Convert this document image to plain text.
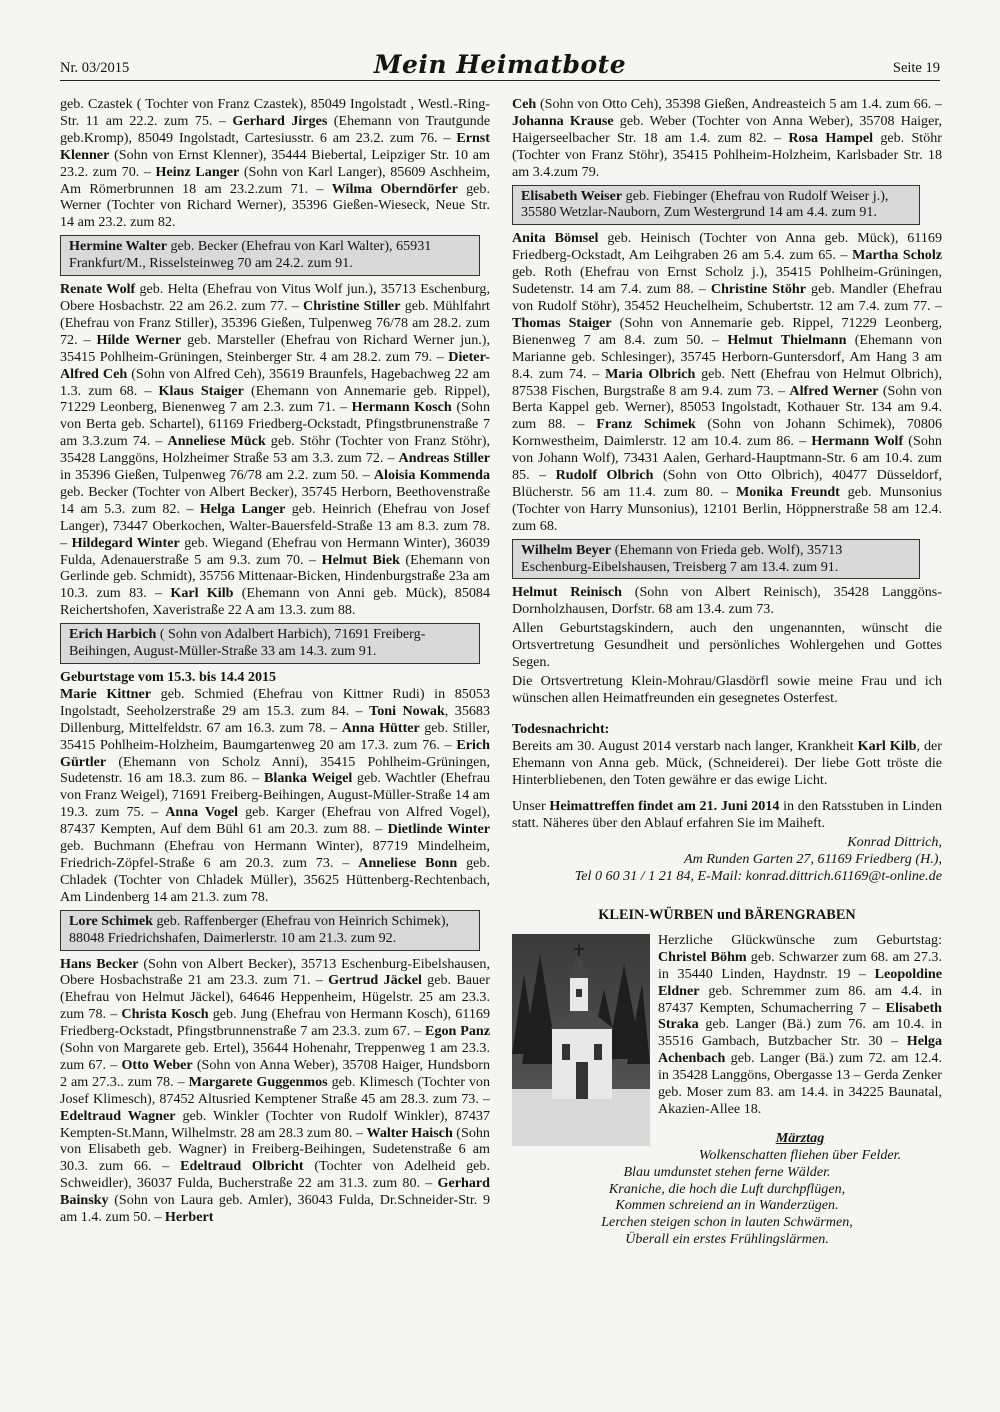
Nr. 03/2015	Mein Heimatbote	Seite 19

geb. Czastek ( Tochter von Franz Czastek), 85049 Ingolstadt , Westl.-Ring-Str. 11 am 22.2. zum 75. – Gerhard Jirges (Ehemann von Trautgunde geb.Kromp), 85049 Ingolstadt, Cartesiusstr. 6 am 23.2. zum 76. – Ernst Klenner (Sohn von Ernst Klenner), 35444 Biebertal, Leipziger Str. 10 am 23.2. zum 70. – Heinz Langer (Sohn von Karl Langer), 85609 Aschheim, Am Römerbrunnen 18 am 23.2.zum 71. – Wilma Oberndörfer geb. Werner (Tochter von Richard Werner), 35396 Gießen-Wieseck, Neue Str. 14 am 23.2. zum 82.

Hermine Walter geb. Becker (Ehefrau von Karl Walter), 65931 Frankfurt/M., Risselsteinweg 70 am 24.2. zum 91.

Renate Wolf geb. Helta (Ehefrau von Vitus Wolf jun.), 35713 Eschenburg, Obere Hosbachstr. 22 am 26.2. zum 77. – Christine Stiller geb. Mühlfahrt (Ehefrau von Franz Stiller), 35396 Gießen, Tulpenweg 76/78 am 28.2. zum 72. – Hilde Werner geb. Marsteller (Ehefrau von Richard Werner jun.), 35415 Pohlheim-Grüningen, Steinberger Str. 4 am 28.2. zum 79. – Dieter-Alfred Ceh (Sohn von Alfred Ceh), 35619 Braunfels, Hagebachweg 22 am 1.3. zum 68. – Klaus Staiger (Ehemann von Annemarie geb. Rippel), 71229 Leonberg, Bienenweg 7 am 2.3. zum 71. – Hermann Kosch (Sohn von Berta geb. Schartel), 61169 Friedberg-Ockstadt, Pfingstbrunenstraße 7 am 3.3.zum 74. – Anneliese Mück geb. Stöhr (Tochter von Franz Stöhr), 35428 Langgöns, Holzheimer Straße 53 am 3.3. zum 72. – Andreas Stiller in 35396 Gießen, Tulpenweg 76/78 am 2.2. zum 50. – Aloisia Kommenda geb. Becker (Tochter von Albert Becker), 35745 Herborn, Beethovenstraße 14 am 5.3. zum 82. – Helga Langer geb. Heinrich (Ehefrau von Josef Langer), 73447 Oberkochen, Walter-Bauersfeld-Straße 13 am 8.3. zum 78. – Hildegard Winter geb. Wiegand (Ehefrau von Hermann Winter), 36039 Fulda, Adenauerstraße 5 am 9.3. zum 70. – Helmut Biek (Ehemann von Gerlinde geb. Schmidt), 35756 Mittenaar-Bicken, Hindenburgstraße 23a am 10.3. zum 83. – Karl Kilb (Ehemann von Anni geb. Mück), 85084 Reichertshofen, Xaveristraße 22 A am 13.3. zum 88.

Erich Harbich ( Sohn von Adalbert Harbich), 71691 Freiberg-Beihingen, August-Müller-Straße 33 am 14.3. zum 91.
Geburtstage vom 15.3. bis 14.4 2015

Marie Kittner geb. Schmied (Ehefrau von Kittner Rudi) in 85053 Ingolstadt, Seeholzerstraße 29 am 15.3. zum 84. – Toni Nowak, 35683 Dillenburg, Mittelfeldstr. 67 am 16.3. zum 78. – Anna Hütter geb. Stiller, 35415 Pohlheim-Holzheim, Baumgartenweg 20 am 17.3. zum 76. – Erich Gürtler (Ehemann von Scholz Anni), 35415 Pohlheim-Grüningen, Sudetenstr. 16 am 18.3. zum 86. – Blanka Weigel geb. Wachtler (Ehefrau von Franz Weigel), 71691 Freiberg-Beihingen, August-Müller-Straße 14 am 19.3. zum 75. – Anna Vogel geb. Karger (Ehefrau von Alfred Vogel), 87437 Kempten, Auf dem Bühl 61 am 20.3. zum 88. – Dietlinde Winter geb. Buchmann (Ehefrau von Hermann Winter), 87719 Mindelheim, Friedrich-Zöpfel-Straße 6 am 20.3. zum 73. – Anneliese Bonn geb. Chladek (Tochter von Chladek Müller), 35625 Hüttenberg-Rechtenbach, Am Lindenberg 14 am 21.3. zum 78.

Lore Schimek geb. Raffenberger (Ehefrau von Heinrich Schimek), 88048 Friedrichshafen, Daimerlerstr. 10 am 21.3. zum 92.

Hans Becker (Sohn von Albert Becker), 35713 Eschenburg-Eibelshausen, Obere Hosbachstraße 21 am 23.3. zum 71. – Gertrud Jäckel geb. Bauer (Ehefrau von Helmut Jäckel), 64646 Heppenheim, Hügelstr. 25 am 23.3. zum 78. – Christa Kosch geb. Jung (Ehefrau von Hermann Kosch), 61169 Friedberg-Ockstadt, Pfingstbrunnenstraße 7 am 23.3. zum 67. – Egon Panz (Sohn von Margarete geb. Ertel), 35644 Hohenahr, Treppenweg 1 am 23.3. zum 67. – Otto Weber (Sohn von Anna Weber), 35708 Haiger, Hundsborn 2 am 27.3.. zum 78. – Margarete Guggenmos geb. Klimesch (Tochter von Josef Klimesch), 87452 Altusried Kemptener Straße 45 am 28.3. zum 73. – Edeltraud Wagner geb. Winkler (Tochter von Rudolf Winkler), 87437 Kempten-St.Mann, Wilhelmstr. 28 am 28.3 zum 80. – Walter Haisch (Sohn von Elisabeth geb. Wagner) in Freiberg-Beihingen, Sudetenstraße 6 am 30.3. zum 66. – Edeltraud Olbricht (Tochter von Adelheid geb. Schweidler), 36037 Fulda, Bucherstraße 22 am 31.3. zum 80. – Gerhard Bainsky (Sohn von Laura geb. Amler), 36043 Fulda, Dr.Schneider-Str. 9 am 1.4. zum 50. – Herbert

Ceh (Sohn von Otto Ceh), 35398 Gießen, Andreasteich 5 am 1.4. zum 66. – Johanna Krause geb. Weber (Tochter von Anna Weber), 35708 Haiger, Haigerseelbacher Str. 18 am 1.4. zum 82. – Rosa Hampel geb. Stöhr (Tochter von Franz Stöhr), 35415 Pohlheim-Holzheim, Karlsbader Str. 18 am 3.4.zum 79.

Elisabeth Weiser geb. Fiebinger (Ehefrau von Rudolf Weiser j.), 35580 Wetzlar-Nauborn, Zum Westergrund 14 am 4.4. zum 91.

Anita Bömsel geb. Heinisch (Tochter von Anna geb. Mück), 61169 Friedberg-Ockstadt, Am Leihgraben 26 am 5.4. zum 65. – Martha Scholz geb. Roth (Ehefrau von Ernst Scholz j.), 35415 Pohlheim-Grüningen, Sudetenstr. 14 am 7.4. zum 88. – Christine Stöhr geb. Mandler (Ehefrau von Rudolf Stöhr), 35452 Heuchelheim, Schubertstr. 12 am 7.4. zum 77. – Thomas Staiger (Sohn von Annemarie geb. Rippel, 71229 Leonberg, Bienenweg 7 am 8.4. zum 50. – Helmut Thielmann (Ehemann von Marianne geb. Schlesinger), 35745 Herborn-Guntersdorf, Am Hang 3 am 8.4. zum 74. – Maria Olbrich geb. Nett (Ehefrau von Helmut Olbrich), 87538 Fischen, Burgstraße 8 am 9.4. zum 73. – Alfred Werner (Sohn von Berta Kappel geb. Werner), 85053 Ingolstadt, Kothauer Str. 134 am 9.4. zum 88. – Franz Schimek (Sohn von Johann Schimek), 70806 Kornwestheim, Daimlerstr. 12 am 10.4. zum 86. – Hermann Wolf (Sohn von Johann Wolf), 73431 Aalen, Gerhard-Hauptmann-Str. 6 am 10.4. zum 85. – Rudolf Olbrich (Sohn von Otto Olbrich), 40477 Düsseldorf, Blücherstr. 56 am 11.4. zum 80. – Monika Freundt geb. Munsonius (Tochter von Harry Munsonius), 12101 Berlin, Höppnerstraße 58 am 12.4. zum 68.

Wilhelm Beyer (Ehemann von Frieda geb. Wolf), 35713 Eschenburg-Eibelshausen, Treisberg 7 am 13.4. zum 91.

Helmut Reinisch (Sohn von Albert Reinisch), 35428 Langgöns-Dornholzhausen, Dorfstr. 68 am 13.4. zum 73.

Allen Geburtstagskindern, auch den ungenannten, wünscht die Ortsvertretung Gesundheit und persönliches Wohlergehen und Gottes Segen.

Die Ortsvertretung Klein-Mohrau/Glasdörfl sowie meine Frau und ich wünschen allen Heimatfreunden ein gesegnetes Osterfest.

Todesnachricht:

Bereits am 30. August 2014 verstarb nach langer, Krankheit Karl Kilb, der Ehemann von Anna geb. Mück, (Schneiderei). Der liebe Gott tröste die Hinterbliebenen, den Toten gewähre er das ewige Licht.

Unser Heimattreffen findet am 21. Juni 2014 in den Ratsstuben in Linden statt. Näheres über den Ablauf erfahren Sie im Maiheft.

Konrad Dittrich,
Am Runden Garten 27, 61169 Friedberg (H.),
Tel 0 60 31 / 1 21 84, E-Mail: konrad.dittrich.61169@t-online.de
KLEIN-WÜRBEN und BÄRENGRABEN

Herzliche Glückwünsche zum Geburtstag: Christel Böhm geb. Schwarzer zum 68. am 27.3. in 35440 Linden, Haydnstr. 19 – Leopoldine Eldner geb. Schremmer zum 86. am 4.4. in 87437 Kempten, Schumacherring 7 – Elisabeth Straka geb. Langer (Bä.) zum 76. am 10.4. in 35516 Gambach, Butzbacher Str. 30 – Helga Achenbach geb. Langer (Bä.) zum 72. am 12.4. in 35428 Langgöns, Obergasse 13 – Gerda Zenker geb. Moser zum 83. am 14.4. in 34225 Baunatal, Akazien-Allee 18.

Märztag
Wolkenschatten fliehen über Felder.
Blau umdunstet stehen ferne Wälder.
Kraniche, die hoch die Luft durchpflügen,
Kommen schreiend an in Wanderzügen.
Lerchen steigen schon in lauten Schwärmen,
Überall ein erstes Frühlingslärmen.
